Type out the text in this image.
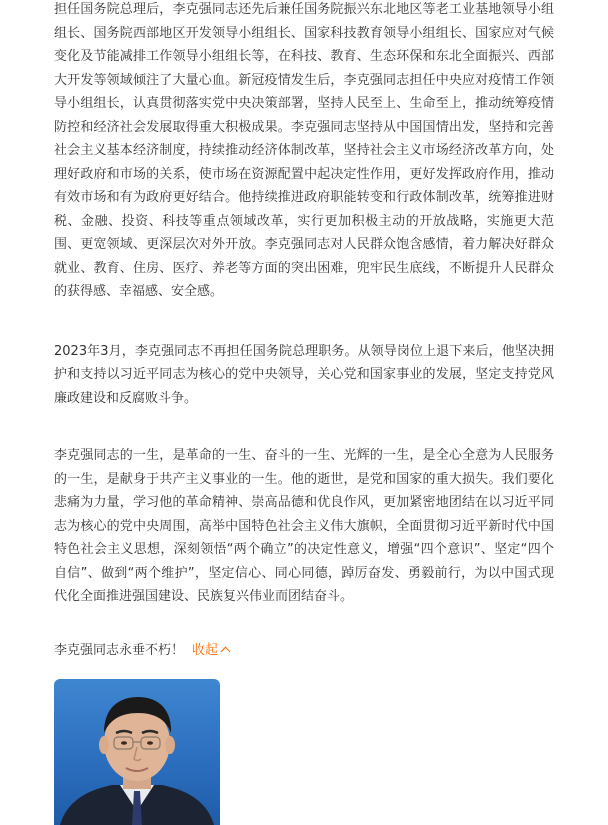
担任国务院总理后，李克强同志还先后兼任国务院振兴东北地区等老工业基地领导小组组长、国务院西部地区开发领导小组组长、国家科技教育领导小组组长、国家应对气候变化及节能减排工作领导小组组长等，在科技、教育、生态环保和东北全面振兴、西部大开发等领域倾注了大量心血。新冠疫情发生后，李克强同志担任中央应对疫情工作领导小组组长，认真贯彻落实党中央决策部署，坚持人民至上、生命至上，推动统筹疫情防控和经济社会发展取得重大积极成果。李克强同志坚持从中国国情出发，坚持和完善社会主义基本经济制度，持续推动经济体制改革，坚持社会主义市场经济改革方向，处理好政府和市场的关系，使市场在资源配置中起决定性作用，更好发挥政府作用，推动有效市场和有为政府更好结合。他持续推进政府职能转变和行政体制改革，统筹推进财税、金融、投资、科技等重点领域改革，实行更加积极主动的开放战略，实施更大范围、更宽领域、更深层次对外开放。李克强同志对人民群众饱含感情，着力解决好群众就业、教育、住房、医疗、养老等方面的突出困难，兜牢民生底线，不断提升人民群众的获得感、幸福感、安全感。

2023年3月，李克强同志不再担任国务院总理职务。从领导岗位上退下来后，他坚决拥护和支持以习近平同志为核心的党中央领导，关心党和国家事业的发展，坚定支持党风廉政建设和反腐败斗争。

李克强同志的一生，是革命的一生、奋斗的一生、光辉的一生，是全心全意为人民服务的一生，是献身于共产主义事业的一生。他的逝世，是党和国家的重大损失。我们要化悲痛为力量，学习他的革命精神、崇高品德和优良作风，更加紧密地团结在以习近平同志为核心的党中央周围，高举中国特色社会主义伟大旗帜，全面贯彻习近平新时代中国特色社会主义思想，深刻领悟“两个确立”的决定性意义，增强“四个意识”、坚定“四个自信”、做到“两个维护”，坚定信心、同心同德，踔厉奋发、勇毅前行，为以中国式现代化全面推进强国建设、民族复兴伟业而团结奋斗。

李克强同志永垂不朽！ 收起
